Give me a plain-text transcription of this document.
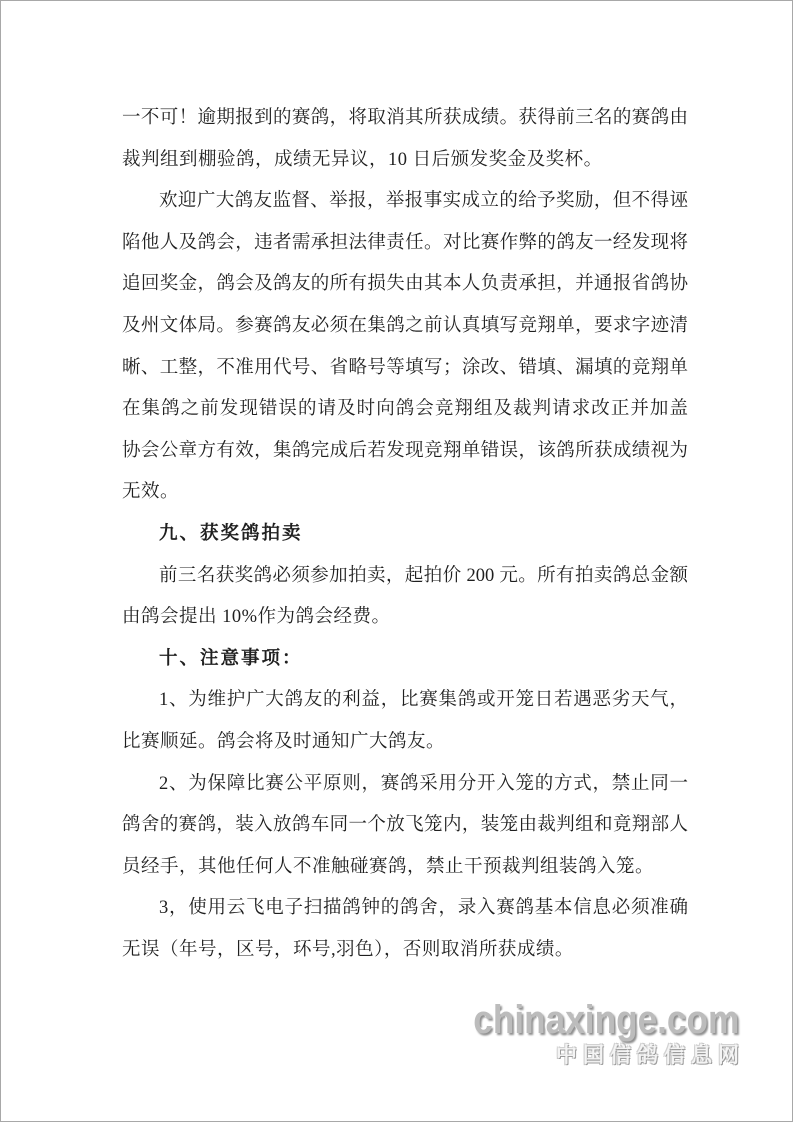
一不可！逾期报到的赛鸽，将取消其所获成绩。获得前三名的赛鸽由
裁判组到棚验鸽，成绩无异议，10 日后颁发奖金及奖杯。
欢迎广大鸽友监督、举报，举报事实成立的给予奖励，但不得诬
陷他人及鸽会，违者需承担法律责任。对比赛作弊的鸽友一经发现将
追回奖金，鸽会及鸽友的所有损失由其本人负责承担，并通报省鸽协
及州文体局。参赛鸽友必须在集鸽之前认真填写竞翔单，要求字迹清
晰、工整，不准用代号、省略号等填写；涂改、错填、漏填的竞翔单
在集鸽之前发现错误的请及时向鸽会竞翔组及裁判请求改正并加盖
协会公章方有效，集鸽完成后若发现竞翔单错误，该鸽所获成绩视为
无效。
九、获奖鸽拍卖
前三名获奖鸽必须参加拍卖，起拍价 200 元。所有拍卖鸽总金额
由鸽会提出 10%作为鸽会经费。
十、注意事项：
1、为维护广大鸽友的利益，比赛集鸽或开笼日若遇恶劣天气，
比赛顺延。鸽会将及时通知广大鸽友。
2、为保障比赛公平原则，赛鸽采用分开入笼的方式，禁止同一
鸽舍的赛鸽，装入放鸽车同一个放飞笼内，装笼由裁判组和竟翔部人
员经手，其他任何人不准触碰赛鸽，禁止干预裁判组装鸽入笼。
3，使用云飞电子扫描鸽钟的鸽舍，录入赛鸽基本信息必须准确
无误（年号，区号，环号,羽色），否则取消所获成绩。
chinaxinge.com
中国信鸽信息网
